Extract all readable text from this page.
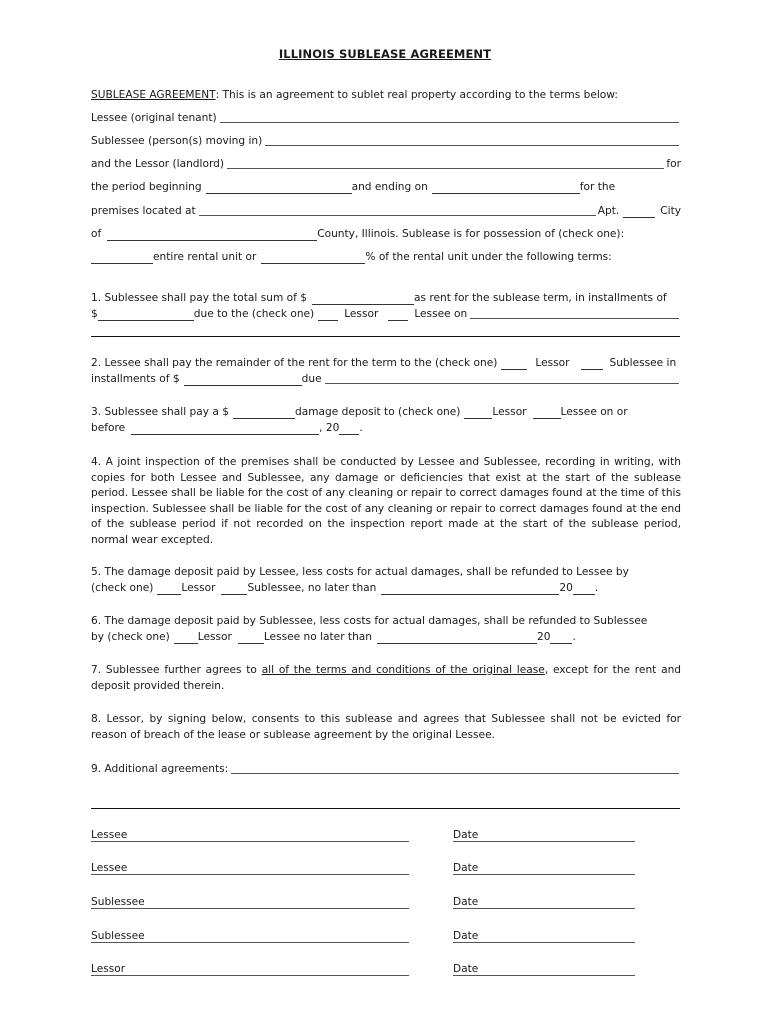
ILLINOIS SUBLEASE AGREEMENT
SUBLEASE AGREEMENT : This is an agreement to sublet real property according to the terms below:
Lessee (original tenant)
Sublessee (person(s) moving in)
and the Lessor (landlord)	for
the period beginning	and ending on	for the
premises located at	Apt.	City
of	County, Illinois. Sublease is for possession of (check one):
entire rental unit or	% of the rental unit under the following terms:
1. Sublessee shall pay the total sum of $	as rent for the sublease term, in installments of
$	due to the (check one)	Lessor	Lessee on
2. Lessee shall pay the remainder of the rent for the term to the (check one)	Lessor	Sublessee in
installments of $	due
3. Sublessee shall pay a $	damage deposit to (check one)	Lessor	Lessee on or
before	, 20 .
4. A joint inspection of the premises shall be conducted by Lessee and Sublessee, recording in writing, with copies for both Lessee and Sublessee, any damage or deficiencies that exist at the start of the sublease period. Lessee shall be liable for the cost of any cleaning or repair to correct damages found at the time of this inspection. Sublessee shall be liable for the cost of any cleaning or repair to correct damages found at the end of the sublease period if not recorded on the inspection report made at the start of the sublease period, normal wear excepted.
5. The damage deposit paid by Lessee, less costs for actual damages, shall be refunded to Lessee by
(check one)	Lessor	Sublessee, no later than	20 .
6. The damage deposit paid by Sublessee, less costs for actual damages, shall be refunded to Sublessee
by (check one)	Lessor	Lessee no later than	20 .
7. Sublessee further agrees to all of the terms and conditions of the original lease, except for the rent and deposit provided therein.
8. Lessor, by signing below, consents to this sublease and agrees that Sublessee shall not be evicted for reason of breach of the lease or sublease agreement by the original Lessee.
9. Additional agreements:
Lessee	Date
Lessee	Date
Sublessee	Date
Sublessee	Date
Lessor	Date
